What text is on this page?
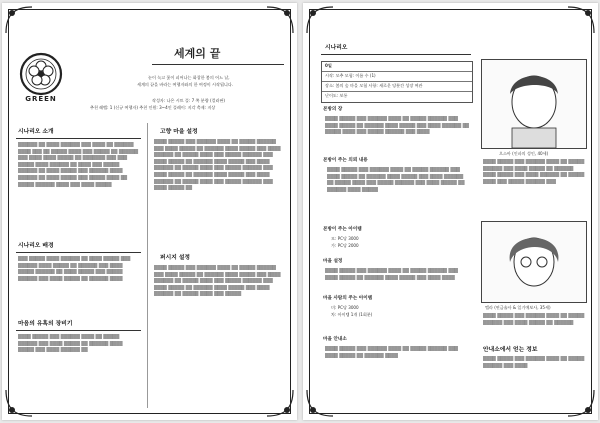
GREEN
세계의 끝
눈이 녹고 꽃이 피어나는 화창한 봄의 어느 날,
세계의 끝을 바라는 여행자와의 한 여정이 시작됩니다.
작성자: 나은 시트 플: 7 쪽 분량 (컬러판)
추천 레벨: 1 (신규 여행자) 추천 인원: 3~4인 플레이: 지각 축제: 지상
시나리오 소개
▒▒▒▒▒▒ ▒▒ ▒▒▒▒ ▒▒▒▒▒▒ ▒▒▒ ▒▒▒▒ ▒▒ ▒▒▒▒▒▒ ▒▒▒▒ ▒▒▒ ▒▒ ▒▒▒▒▒ ▒▒▒▒ ▒▒▒ ▒▒▒▒▒ ▒▒ ▒▒▒▒▒▒ ▒▒▒ ▒▒▒▒ ▒▒▒▒ ▒▒▒▒▒ ▒▒ ▒▒▒▒▒▒▒ ▒▒▒ ▒▒▒ ▒▒▒▒▒ ▒▒▒▒ ▒▒▒▒▒▒ ▒▒ ▒▒▒▒ ▒▒▒ ▒▒▒▒▒ ▒▒▒▒▒▒ ▒▒ ▒▒▒▒ ▒▒▒▒▒ ▒▒▒ ▒▒▒▒▒▒ ▒▒▒▒ ▒▒▒▒▒▒ ▒▒ ▒▒▒▒ ▒▒▒▒▒ ▒▒▒ ▒▒▒▒▒ ▒▒▒▒ ▒▒ ▒▒▒▒▒ ▒▒▒▒▒▒ ▒▒▒▒ ▒▒▒ ▒▒▒▒ ▒▒▒▒▒
시나리오 배경
▒▒▒ ▒▒▒▒▒ ▒▒▒▒ ▒▒▒▒▒▒ ▒▒ ▒▒▒▒ ▒▒▒▒▒ ▒▒▒ ▒▒▒▒▒▒ ▒▒▒▒ ▒▒▒▒▒ ▒▒ ▒▒▒▒▒▒ ▒▒▒ ▒▒▒▒ ▒▒▒▒▒ ▒▒▒▒▒▒ ▒▒ ▒▒▒▒ ▒▒▒▒▒ ▒▒▒ ▒▒▒▒▒ ▒▒▒▒▒▒ ▒▒▒ ▒▒▒▒ ▒▒▒▒▒ ▒▒ ▒▒▒▒▒▒ ▒▒▒▒
마음의 유혹의 장비기
▒▒▒▒ ▒▒▒▒▒ ▒▒▒ ▒▒▒▒▒▒ ▒▒▒▒ ▒▒ ▒▒▒▒▒ ▒▒▒▒▒▒ ▒▒▒ ▒▒▒▒ ▒▒▒▒▒ ▒▒ ▒▒▒▒▒▒ ▒▒▒▒ ▒▒▒▒▒ ▒▒▒ ▒▒▒▒ ▒▒▒▒▒▒ ▒▒
고향 마을 설정
▒▒▒▒ ▒▒▒▒▒ ▒▒▒ ▒▒▒▒▒▒ ▒▒▒▒ ▒▒ ▒▒▒▒▒ ▒▒▒▒▒▒ ▒▒▒ ▒▒▒▒ ▒▒▒▒▒ ▒▒ ▒▒▒▒▒▒ ▒▒▒▒ ▒▒▒▒▒ ▒▒▒ ▒▒▒▒ ▒▒▒▒▒▒ ▒▒ ▒▒▒▒▒ ▒▒▒▒ ▒▒▒ ▒▒▒▒▒ ▒▒▒▒▒▒ ▒▒▒ ▒▒▒▒ ▒▒▒▒▒ ▒▒ ▒▒▒▒▒▒ ▒▒▒▒ ▒▒▒▒▒ ▒▒▒ ▒▒▒▒ ▒▒▒▒▒▒ ▒▒ ▒▒▒▒▒ ▒▒▒▒ ▒▒▒ ▒▒▒▒▒ ▒▒▒▒▒▒ ▒▒▒ ▒▒▒▒ ▒▒▒▒▒ ▒▒ ▒▒▒▒▒▒ ▒▒▒▒ ▒▒▒▒▒ ▒▒▒ ▒▒▒▒ ▒▒▒▒▒▒ ▒▒ ▒▒▒▒▒ ▒▒▒▒ ▒▒▒ ▒▒▒▒▒ ▒▒▒▒▒▒ ▒▒▒ ▒▒▒▒ ▒▒▒▒▒ ▒▒
퍼시지 설정
▒▒▒▒ ▒▒▒▒▒ ▒▒▒ ▒▒▒▒▒▒ ▒▒▒▒ ▒▒ ▒▒▒▒▒ ▒▒▒▒▒▒ ▒▒▒ ▒▒▒▒ ▒▒▒▒▒ ▒▒ ▒▒▒▒▒▒ ▒▒▒▒ ▒▒▒▒▒ ▒▒▒ ▒▒▒▒ ▒▒▒▒▒▒ ▒▒ ▒▒▒▒▒ ▒▒▒▒ ▒▒▒ ▒▒▒▒▒ ▒▒▒▒▒▒ ▒▒▒ ▒▒▒▒ ▒▒▒▒▒ ▒▒ ▒▒▒▒▒▒ ▒▒▒▒ ▒▒▒▒▒ ▒▒▒ ▒▒▒▒ ▒▒▒▒▒▒ ▒▒ ▒▒▒▒▒ ▒▒▒▒ ▒▒▒ ▒▒▒▒▒
시나리오
0일
시작: 모추 모험: 이름 수 (1)
장소: 봄의 숲 마을 모험 사항: 새로운 당분간 성장 여관
난이도: 보통
본방의 장
▒▒▒▒ ▒▒▒▒▒ ▒▒▒ ▒▒▒▒▒▒ ▒▒▒▒ ▒▒ ▒▒▒▒▒ ▒▒▒▒▒▒ ▒▒▒ ▒▒▒▒ ▒▒▒▒▒ ▒▒ ▒▒▒▒▒▒ ▒▒▒▒ ▒▒▒▒▒ ▒▒▒ ▒▒▒▒ ▒▒▒▒▒▒ ▒▒ ▒▒▒▒▒ ▒▒▒▒ ▒▒▒ ▒▒▒▒▒ ▒▒▒▒▒▒ ▒▒▒ ▒▒▒▒
본방이 주는 의뢰 내용
▒▒▒▒ ▒▒▒▒▒ ▒▒▒ ▒▒▒▒▒▒ ▒▒▒▒ ▒▒ ▒▒▒▒▒ ▒▒▒▒▒▒ ▒▒▒ ▒▒▒▒ ▒▒▒▒▒ ▒▒ ▒▒▒▒▒▒ ▒▒▒▒ ▒▒▒▒▒ ▒▒▒ ▒▒▒▒ ▒▒▒▒▒▒ ▒▒ ▒▒▒▒▒ ▒▒▒▒ ▒▒▒ ▒▒▒▒▒ ▒▒▒▒▒▒ ▒▒▒ ▒▒▒▒ ▒▒▒▒▒ ▒▒ ▒▒▒▒▒▒ ▒▒▒▒ ▒▒▒▒▒
본방이 주는 아이템
모: PC당 3000
가: PC당 2000
마을 설정
▒▒▒▒ ▒▒▒▒▒ ▒▒▒ ▒▒▒▒▒▒ ▒▒▒▒ ▒▒ ▒▒▒▒▒ ▒▒▒▒▒▒ ▒▒▒ ▒▒▒▒ ▒▒▒▒▒ ▒▒ ▒▒▒▒▒▒ ▒▒▒▒ ▒▒▒▒▒ ▒▒▒ ▒▒▒▒ ▒▒▒▒
마을 사람의 주는 아이템
미: PC당 3000
차: 아이템 1개 (1회분)
마을 안내소
▒▒▒▒ ▒▒▒▒▒ ▒▒▒ ▒▒▒▒▒▒ ▒▒▒▒ ▒▒ ▒▒▒▒▒ ▒▒▒▒▒▒ ▒▒▒ ▒▒▒▒ ▒▒▒▒▒ ▒▒ ▒▒▒▒▒▒ ▒▒▒▒
으스아 (인파의 성인, 40세)
▒▒▒▒ ▒▒▒▒▒ ▒▒▒ ▒▒▒▒▒▒ ▒▒▒▒ ▒▒ ▒▒▒▒▒ ▒▒▒▒▒▒ ▒▒▒ ▒▒▒▒ ▒▒▒▒▒ ▒▒ ▒▒▒▒▒▒ ▒▒▒▒ ▒▒▒▒▒ ▒▒▒ ▒▒▒▒ ▒▒▒▒▒▒ ▒▒ ▒▒▒▒▒ ▒▒▒▒ ▒▒▒ ▒▒▒▒▒ ▒▒▒▒▒▒ ▒▒▒
엘라 (연금술사 & 일기예보사, 35세)
▒▒▒▒ ▒▒▒▒▒ ▒▒▒ ▒▒▒▒▒▒ ▒▒▒▒ ▒▒ ▒▒▒▒▒ ▒▒▒▒▒▒ ▒▒▒ ▒▒▒▒ ▒▒▒▒▒ ▒▒ ▒▒▒▒▒▒
안내소에서 얻는 정보
▒▒▒▒ ▒▒▒▒▒ ▒▒▒ ▒▒▒▒▒▒ ▒▒▒▒ ▒▒ ▒▒▒▒▒ ▒▒▒▒▒▒ ▒▒▒ ▒▒▒▒
